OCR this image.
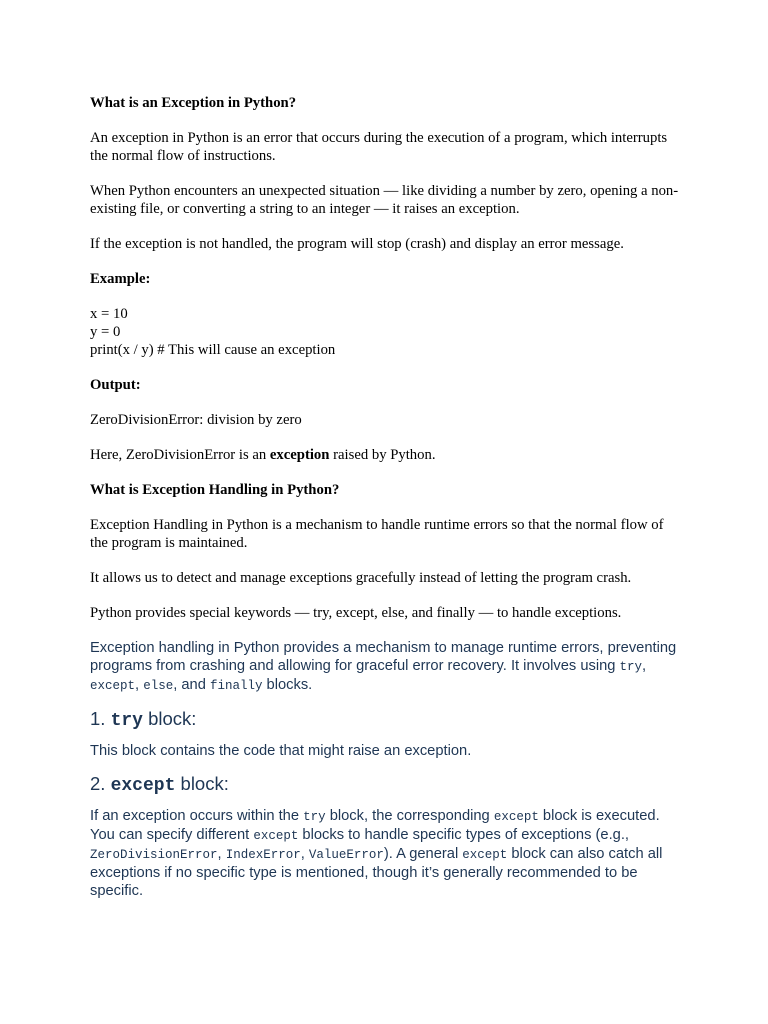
What is an Exception in Python?

An exception in Python is an error that occurs during the execution of a program, which interrupts the normal flow of instructions.

When Python encounters an unexpected situation — like dividing a number by zero, opening a non-existing file, or converting a string to an integer — it raises an exception.

If the exception is not handled, the program will stop (crash) and display an error message.

Example:

x = 10
y = 0
print(x / y) # This will cause an exception

Output:

ZeroDivisionError: division by zero

Here, ZeroDivisionError is an exception raised by Python.

What is Exception Handling in Python?

Exception Handling in Python is a mechanism to handle runtime errors so that the normal flow of the program is maintained.

It allows us to detect and manage exceptions gracefully instead of letting the program crash.

Python provides special keywords — try, except, else, and finally — to handle exceptions.

Exception handling in Python provides a mechanism to manage runtime errors, preventing programs from crashing and allowing for graceful error recovery. It involves using try, except, else, and finally blocks.

1. try block:

This block contains the code that might raise an exception.

2. except block:

If an exception occurs within the try block, the corresponding except block is executed. You can specify different except blocks to handle specific types of exceptions (e.g., ZeroDivisionError, IndexError, ValueError). A general except block can also catch all exceptions if no specific type is mentioned, though it’s generally recommended to be specific.
